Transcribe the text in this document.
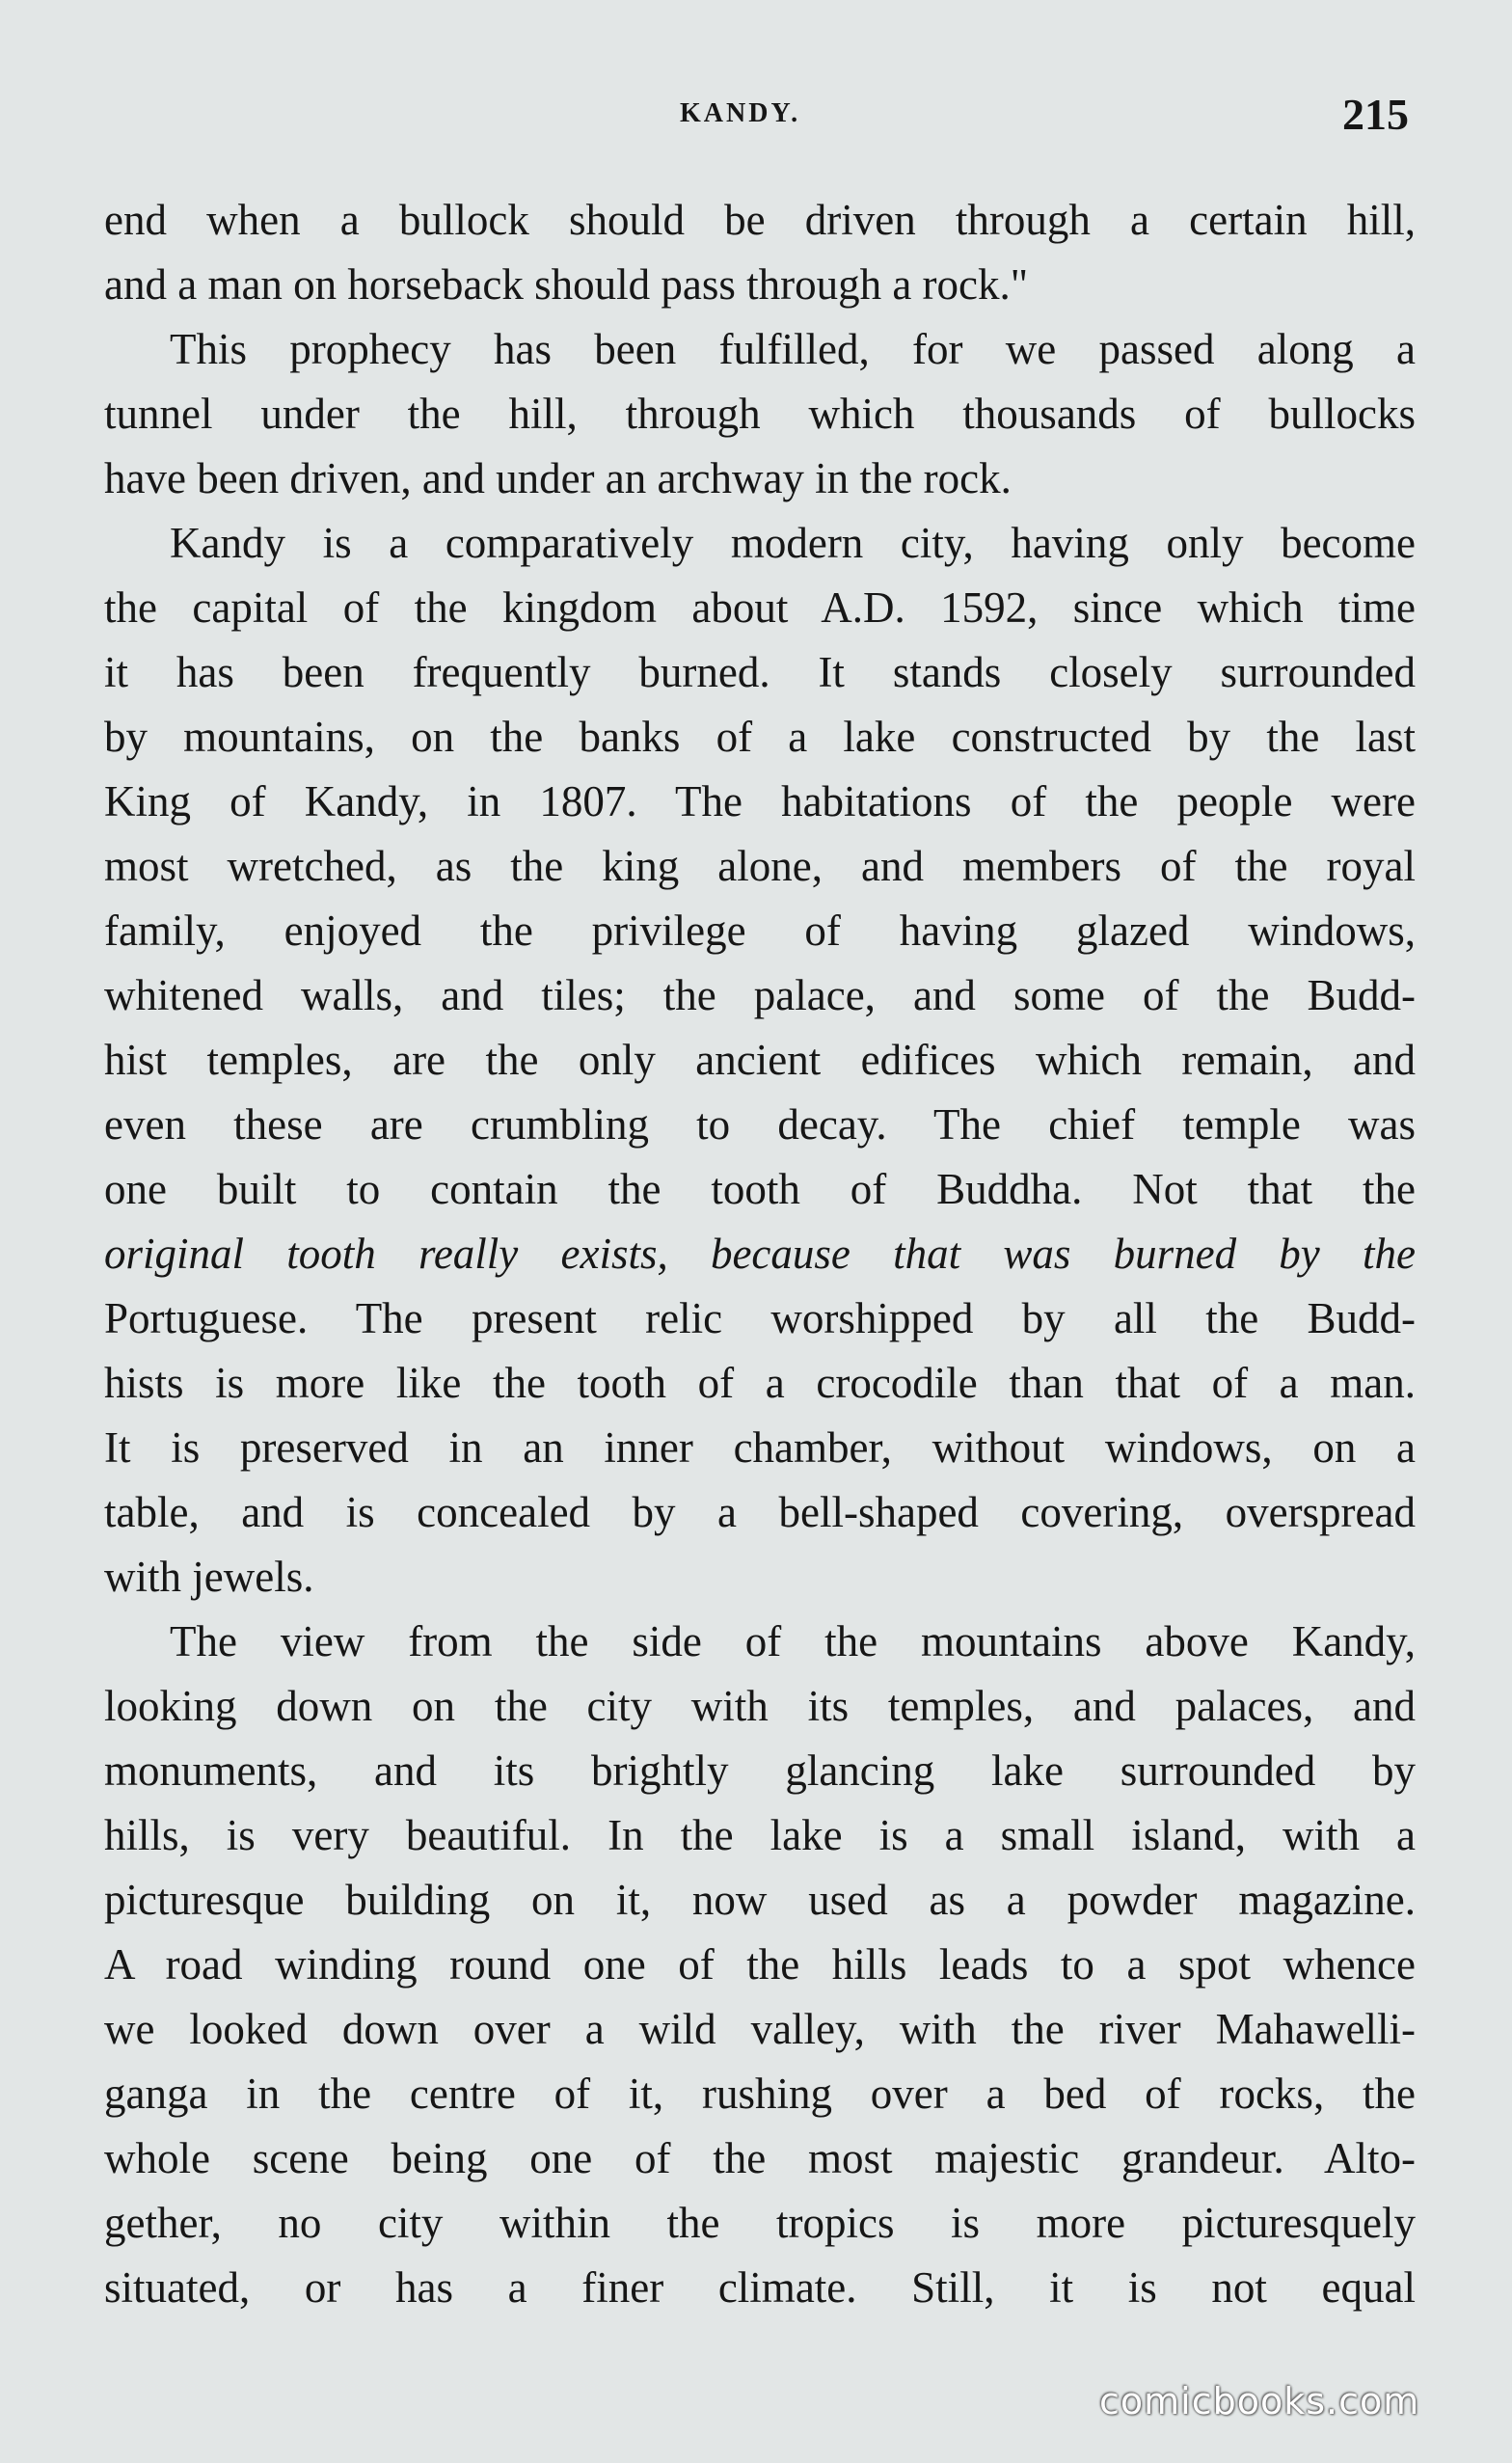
KANDY.	215
end when a bullock should be driven through a certain hill,
and a man on horseback should pass through a rock."
This prophecy has been fulfilled, for we passed along a
tunnel under the hill, through which thousands of bullocks
have been driven, and under an archway in the rock.
Kandy is a comparatively modern city, having only become
the capital of the kingdom about A.D. 1592, since which time
it has been frequently burned. It stands closely surrounded
by mountains, on the banks of a lake constructed by the last
King of Kandy, in 1807. The habitations of the people were
most wretched, as the king alone, and members of the royal
family, enjoyed the privilege of having glazed windows,
whitened walls, and tiles; the palace, and some of the Budd-
hist temples, are the only ancient edifices which remain, and
even these are crumbling to decay. The chief temple was
one built to contain the tooth of Buddha. Not that the
original tooth really exists, because that was burned by the
Portuguese. The present relic worshipped by all the Budd-
hists is more like the tooth of a crocodile than that of a man.
It is preserved in an inner chamber, without windows, on a
table, and is concealed by a bell-shaped covering, overspread
with jewels.
The view from the side of the mountains above Kandy,
looking down on the city with its temples, and palaces, and
monuments, and its brightly glancing lake surrounded by
hills, is very beautiful. In the lake is a small island, with a
picturesque building on it, now used as a powder magazine.
A road winding round one of the hills leads to a spot whence
we looked down over a wild valley, with the river Mahawelli-
ganga in the centre of it, rushing over a bed of rocks, the
whole scene being one of the most majestic grandeur. Alto-
gether, no city within the tropics is more picturesquely
situated, or has a finer climate. Still, it is not equal
comicbooks.com
